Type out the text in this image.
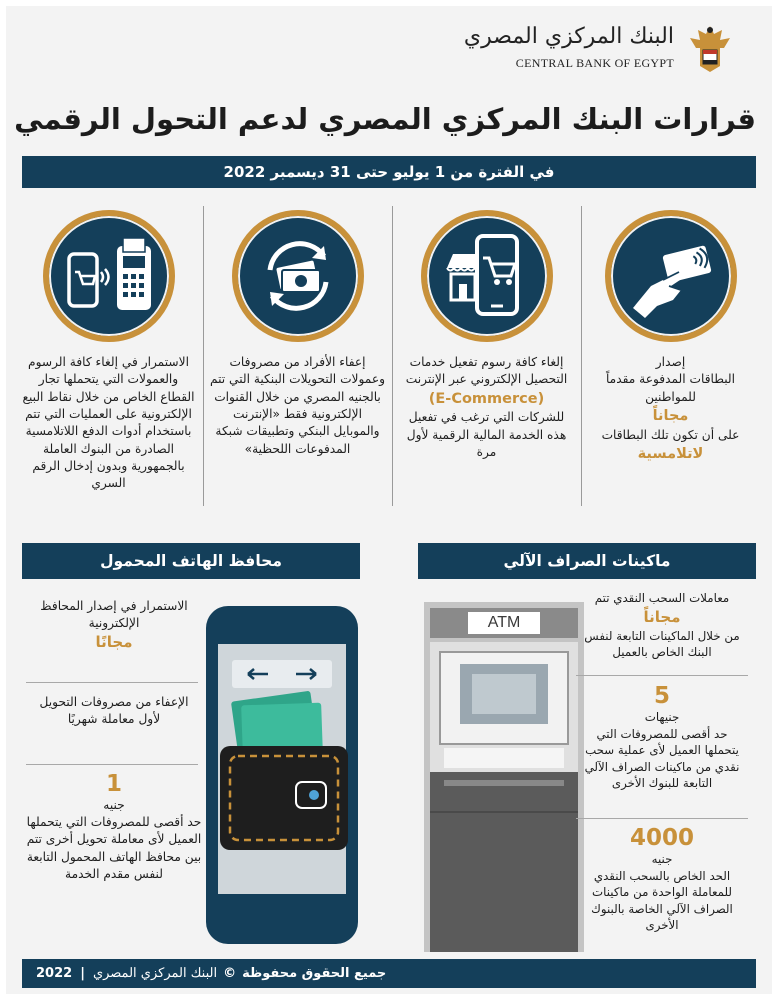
البنك المركزي المصري
CENTRAL BANK OF EGYPT
قرارات البنك المركزي المصري لدعم التحول الرقمي
في الفترة من 1 يوليو حتى 31 ديسمبر 2022
إصدار
البطاقات المدفوعة مقدماً للمواطنين
مجاناً
على أن تكون تلك البطاقات
لاتلامسية
إلغاء كافة رسوم تفعيل خدمات التحصيل الإلكتروني عبر الإنترنت
(E-Commerce)
للشركات التي ترغب في تفعيل هذه الخدمة المالية الرقمية لأول مرة
إعفاء الأفراد من مصروفات وعمولات التحويلات البنكية التي تتم بالجنيه المصري من خلال القنوات الإلكترونية فقط «الإنترنت والموبايل البنكي وتطبيقات شبكة المدفوعات اللحظية»
الاستمرار في إلغاء كافة الرسوم والعمولات التي يتحملها تجار القطاع الخاص من خلال نقاط البيع الإلكترونية على العمليات التي تتم باستخدام أدوات الدفع اللاتلامسية الصادرة من البنوك العاملة بالجمهورية وبدون إدخال الرقم السري
ماكينات الصراف الآلي
محافظ الهاتف المحمول
ATM
معاملات السحب النقدي تتم
مجاناً
من خلال الماكينات التابعة لنفس البنك الخاص بالعميل
5
جنيهات
حد أقصى للمصروفات التي يتحملها العميل لأى عملية سحب نقدي من ماكينات الصراف الآلي التابعة للبنوك الأخرى
4000
جنيه
الحد الخاص بالسحب النقدي للمعاملة الواحدة من ماكينات الصراف الآلي الخاصة بالبنوك الأخرى
الاستمرار في إصدار المحافظ الإلكترونية
مجانًا
الإعفاء من مصروفات التحويل
لأول معاملة شهريًا
1
جنيه
حد أقصى للمصروفات التي يتحملها العميل لأى معاملة تحويل أخرى تتم بين محافظ الهاتف المحمول التابعة لنفس مقدم الخدمة
2022 | البنك المركزي المصري © جميع الحقوق محفوظة
